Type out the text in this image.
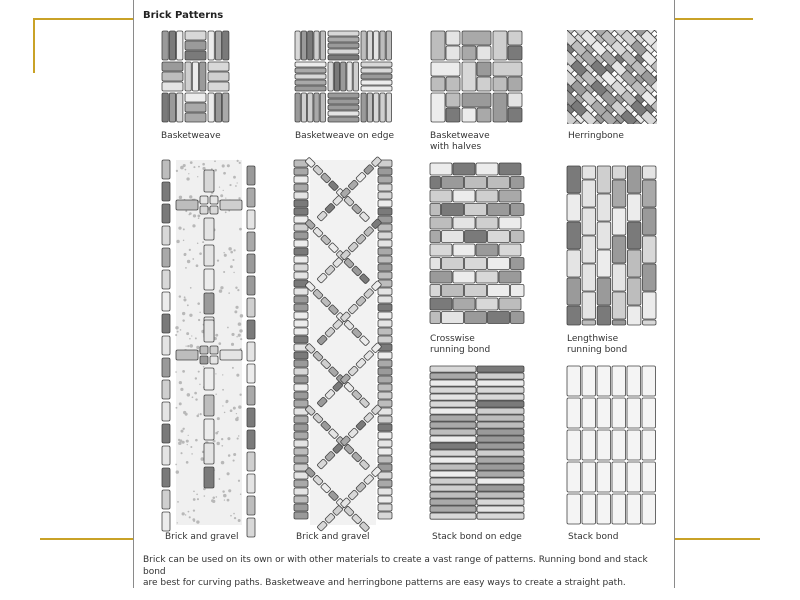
Brick Patterns
Basketweave	Basketweave on edge	Basketweave
with halves
Herringbone
Crosswise
running bond
Lengthwise
running bond
Brick and gravel	Brick and gravel	Stack bond on edge	Stack bond
Brick can be used on its own or with other materials to create a vast range of patterns. Running bond and stack bond
are best for curving paths. Basketweave and herringbone patterns are easy ways to create a straight path.
